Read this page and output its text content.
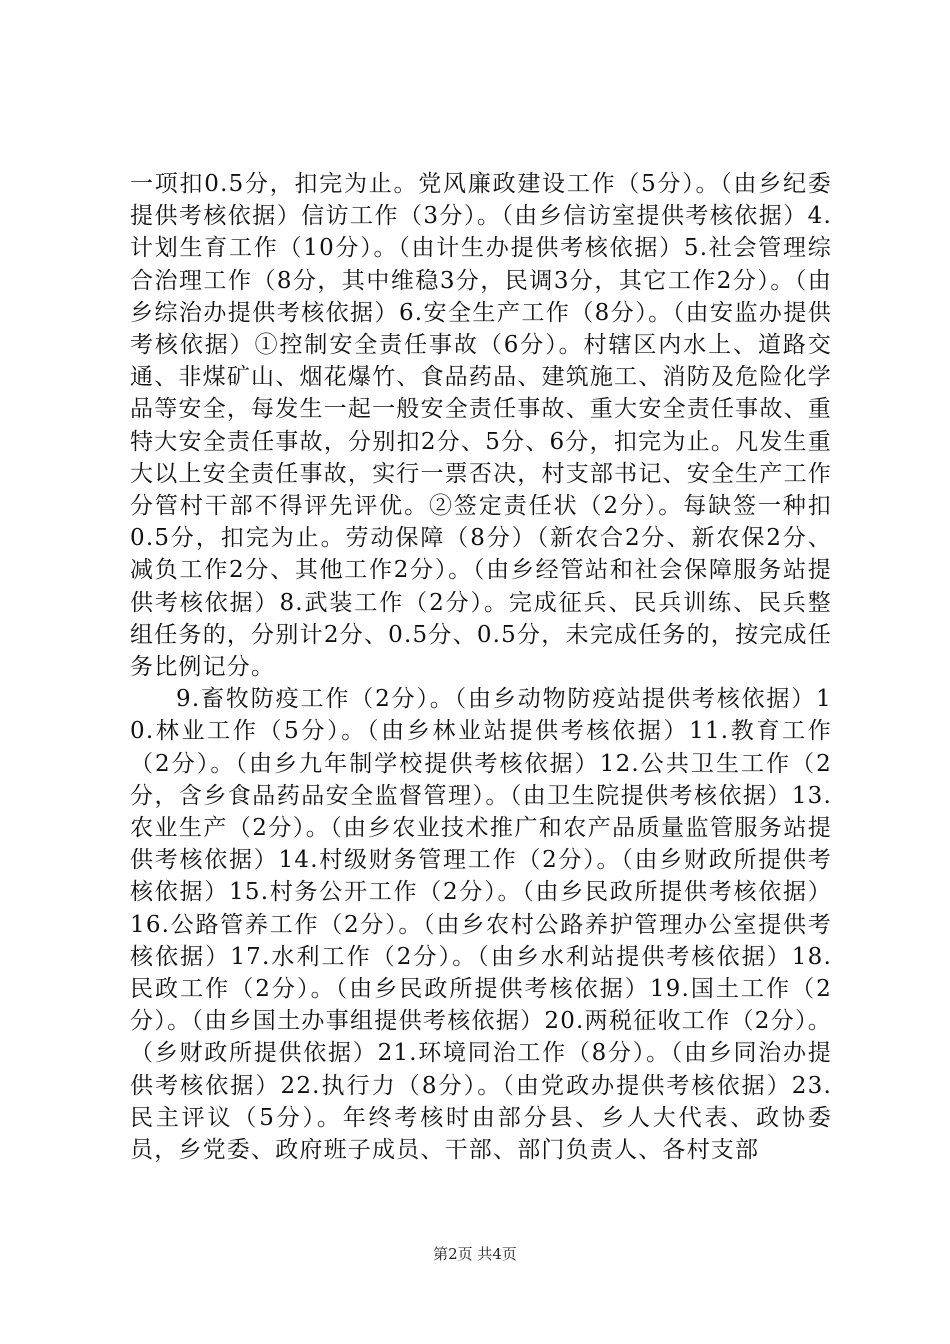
一项扣0.5分，扣完为止。党风廉政建设工作（5分）。（由乡纪委提供考核依据）信访工作（3分）。（由乡信访室提供考核依据）4.计划生育工作（10分）。（由计生办提供考核依据）5.社会管理综合治理工作（8分，其中维稳3分，民调3分，其它工作2分）。（由乡综治办提供考核依据）6.安全生产工作（8分）。（由安监办提供考核依据）①控制安全责任事故（6分）。村辖区内水上、道路交通、非煤矿山、烟花爆竹、食品药品、建筑施工、消防及危险化学品等安全，每发生一起一般安全责任事故、重大安全责任事故、重特大安全责任事故，分别扣2分、5分、6分，扣完为止。凡发生重大以上安全责任事故，实行一票否决，村支部书记、安全生产工作分管村干部不得评先评优。②签定责任状（2分）。每缺签一种扣0.5分，扣完为止。劳动保障（8分）（新农合2分、新农保2分、减负工作2分、其他工作2分）。（由乡经管站和社会保障服务站提供考核依据）8.武装工作（2分）。完成征兵、民兵训练、民兵整组任务的，分别计2分、0.5分、0.5分，未完成任务的，按完成任务比例记分。

9.畜牧防疫工作（2分）。（由乡动物防疫站提供考核依据）10.林业工作（5分）。（由乡林业站提供考核依据）11.教育工作（2分）。（由乡九年制学校提供考核依据）12.公共卫生工作（2分，含乡食品药品安全监督管理）。（由卫生院提供考核依据）13.农业生产（2分）。（由乡农业技术推广和农产品质量监管服务站提供考核依据）14.村级财务管理工作（2分）。（由乡财政所提供考核依据）15.村务公开工作（2分）。（由乡民政所提供考核依据）16.公路管养工作（2分）。（由乡农村公路养护管理办公室提供考核依据）17.水利工作（2分）。（由乡水利站提供考核依据）18.民政工作（2分）。（由乡民政所提供考核依据）19.国土工作（2分）。（由乡国土办事组提供考核依据）20.两税征收工作（2分）。（乡财政所提供依据）21.环境同治工作（8分）。（由乡同治办提供考核依据）22.执行力（8分）。（由党政办提供考核依据）23.民主评议（5分）。年终考核时由部分县、乡人大代表、政协委员，乡党委、政府班子成员、干部、部门负责人、各村支部

第2页 共4页
